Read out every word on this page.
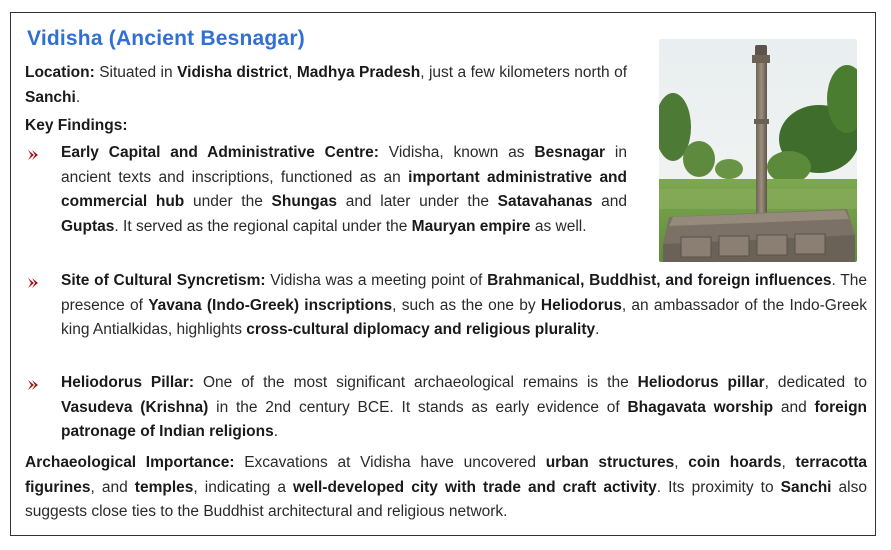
Vidisha (Ancient Besnagar)

Location: Situated in Vidisha district, Madhya Pradesh, just a few kilometers north of Sanchi.

Key Findings:

Early Capital and Administrative Centre: Vidisha, known as Besnagar in ancient texts and inscriptions, functioned as an important administrative and commercial hub under the Shungas and later under the Satavahanas and Guptas. It served as the regional capital under the Mauryan empire as well.

Site of Cultural Syncretism: Vidisha was a meeting point of Brahmanical, Buddhist, and foreign influences. The presence of Yavana (Indo-Greek) inscriptions, such as the one by Heliodorus, an ambassador of the Indo-Greek king Antialkidas, highlights cross-cultural diplomacy and religious plurality.

Heliodorus Pillar: One of the most significant archaeological remains is the Heliodorus pillar, dedicated to Vasudeva (Krishna) in the 2nd century BCE. It stands as early evidence of Bhagavata worship and foreign patronage of Indian religions.

Archaeological Importance: Excavations at Vidisha have uncovered urban structures, coin hoards, terracotta figurines, and temples, indicating a well-developed city with trade and craft activity. Its proximity to Sanchi also suggests close ties to the Buddhist architectural and religious network.
